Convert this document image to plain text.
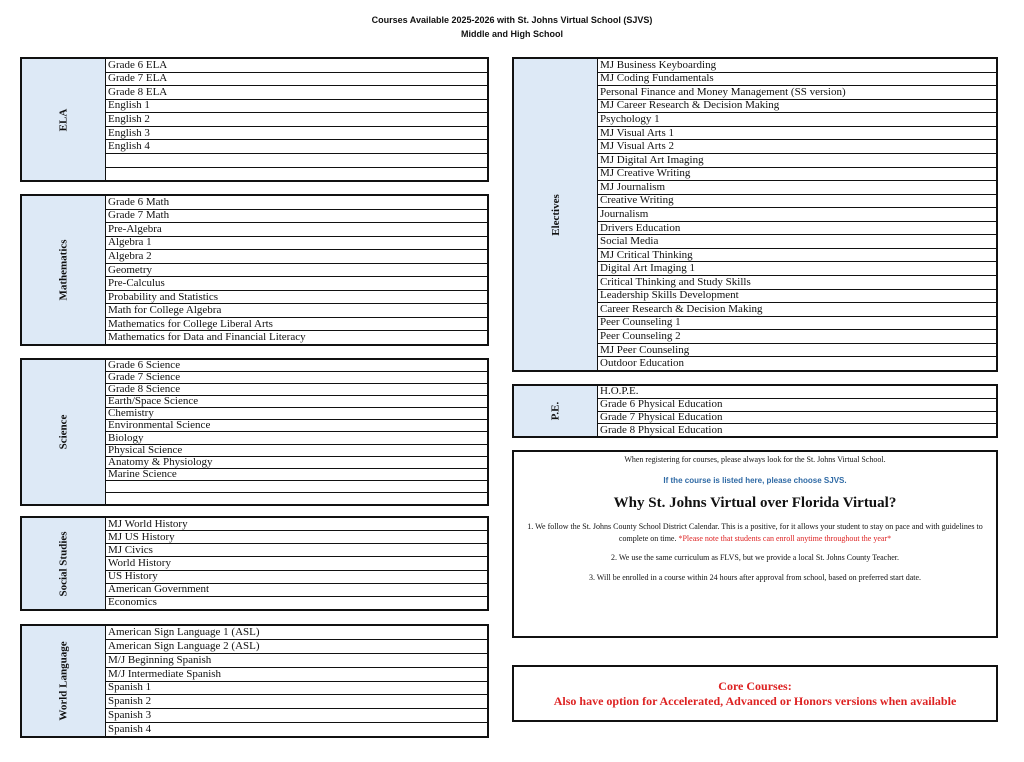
Courses Available 2025-2026 with St. Johns Virtual School (SJVS)
Middle and High School
ELA
Grade 6 ELA
Grade 7 ELA
Grade 8 ELA
English 1
English 2
English 3
English 4
Mathematics
Grade 6 Math
Grade 7 Math
Pre-Algebra
Algebra 1
Algebra 2
Geometry
Pre-Calculus
Probability and Statistics
Math for College Algebra
Mathematics for College Liberal Arts
Mathematics for Data and Financial Literacy
Science
Grade 6 Science
Grade 7 Science
Grade 8 Science
Earth/Space Science
Chemistry
Environmental Science
Biology
Physical Science
Anatomy & Physiology
Marine Science
Social Studies
MJ World History
MJ US History
MJ Civics
World History
US History
American Government
Economics
World Language
American Sign Language 1 (ASL)
American Sign Language 2 (ASL)
M/J Beginning Spanish
M/J Intermediate Spanish
Spanish 1
Spanish 2
Spanish 3
Spanish 4
Electives
MJ Business Keyboarding
MJ Coding Fundamentals
Personal Finance and Money Management (SS version)
MJ Career Research & Decision Making
Psychology 1
MJ Visual Arts 1
MJ Visual Arts 2
MJ Digital Art Imaging
MJ Creative Writing
MJ Journalism
Creative Writing
Journalism
Drivers Education
Social Media
MJ Critical Thinking
Digital Art Imaging 1
Critical Thinking and Study Skills
Leadership Skills Development
Career Research & Decision Making
Peer Counseling 1
Peer Counseling 2
MJ Peer Counseling
Outdoor Education
P.E.
H.O.P.E.
Grade 6 Physical Education
Grade 7 Physical Education
Grade 8 Physical Education

When registering for courses, please always look for the St. Johns Virtual School.

If the course is listed here, please choose SJVS.

Why St. Johns Virtual over Florida Virtual?

1. We follow the St. Johns County School District Calendar. This is a positive, for it allows your student to stay on pace and with guidelines to complete on time. *Please note that students can enroll anytime throughout the year*

2. We use the same curriculum as FLVS, but we provide a local St. Johns County Teacher.

3. Will be enrolled in a course within 24 hours after approval from school, based on preferred start date.

Core Courses:
Also have option for Accelerated, Advanced or Honors versions when available
